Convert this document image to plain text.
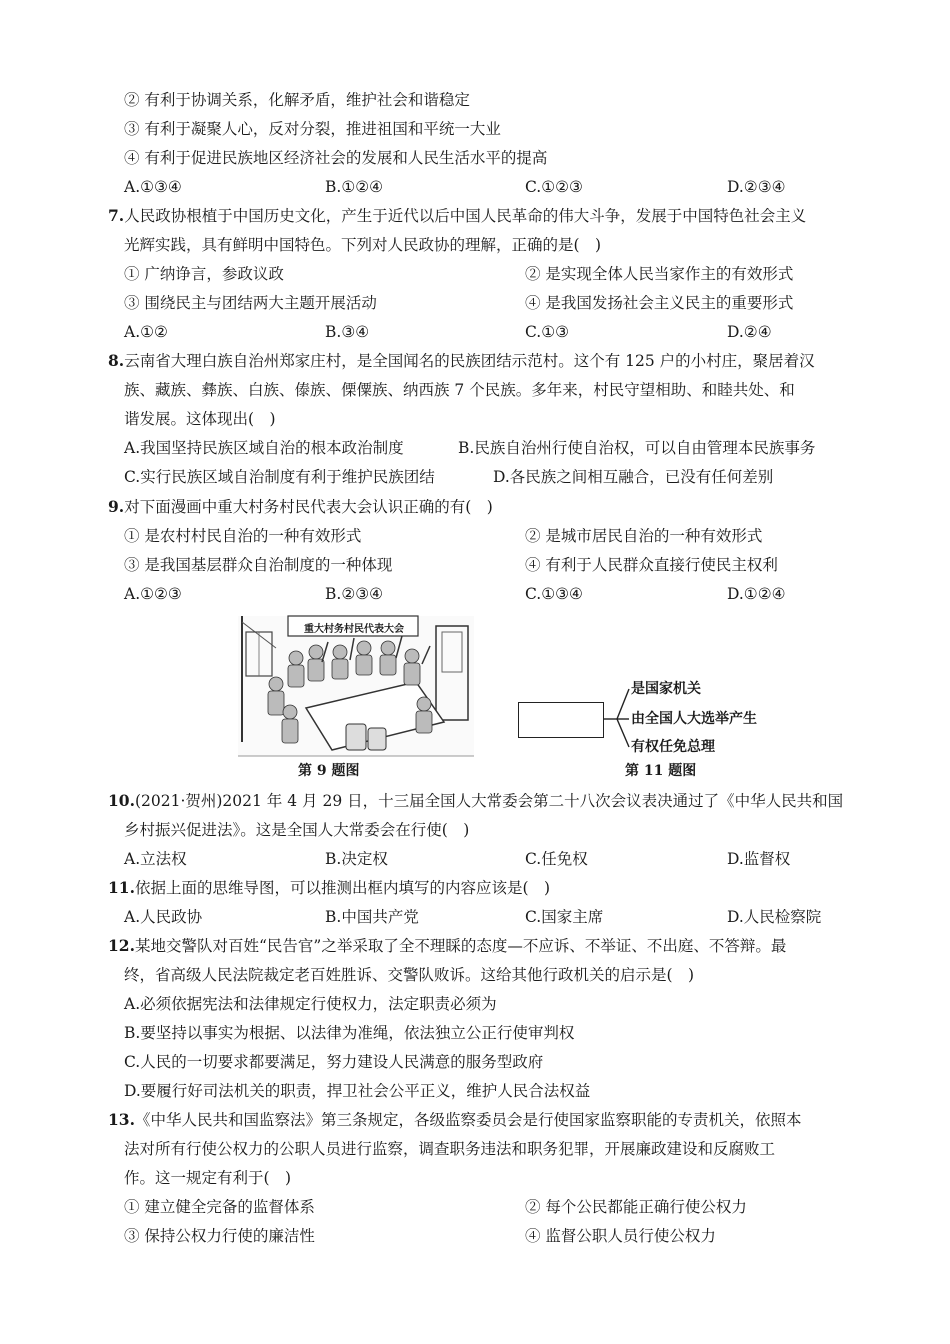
② 有利于协调关系，化解矛盾，维护社会和谐稳定
③ 有利于凝聚人心，反对分裂，推进祖国和平统一大业
④ 有利于促进民族地区经济社会的发展和人民生活水平的提高
A.①③④	B.①②④	C.①②③	D.②③④
7.人民政协根植于中国历史文化，产生于近代以后中国人民革命的伟大斗争，发展于中国特色社会主义
光辉实践，具有鲜明中国特色。下列对人民政协的理解，正确的是(　)
① 广纳诤言，参政议政	② 是实现全体人民当家作主的有效形式
③ 围绕民主与团结两大主题开展活动	④ 是我国发扬社会主义民主的重要形式
A.①②	B.③④	C.①③	D.②④
8.云南省大理白族自治州郑家庄村，是全国闻名的民族团结示范村。这个有 125 户的小村庄，聚居着汉
族、藏族、彝族、白族、傣族、傈僳族、纳西族 7 个民族。多年来，村民守望相助、和睦共处、和
谐发展。这体现出(　)
A.我国坚持民族区域自治的根本政治制度	B.民族自治州行使自治权，可以自由管理本民族事务
C.实行民族区域自治制度有利于维护民族团结	D.各民族之间相互融合，已没有任何差别
9.对下面漫画中重大村务村民代表大会认识正确的有(　)
① 是农村村民自治的一种有效形式	② 是城市居民自治的一种有效形式
③ 是我国基层群众自治制度的一种体现	④ 有利于人民群众直接行使民主权利
A.①②③	B.②③④	C.①③④	D.①②④
重大村务村民代表大会
第 9 题图
是国家机关
由全国人大选举产生
有权任免总理
第 11 题图
10.(2021·贺州)2021 年 4 月 29 日，十三届全国人大常委会第二十八次会议表决通过了《中华人民共和国
乡村振兴促进法》。这是全国人大常委会在行使(　)
A.立法权	B.决定权	C.任免权	D.监督权
11.依据上面的思维导图，可以推测出框内填写的内容应该是(　)
A.人民政协	B.中国共产党	C.国家主席	D.人民检察院
12.某地交警队对百姓“民告官”之举采取了全不理睬的态度—不应诉、不举证、不出庭、不答辩。最
终，省高级人民法院裁定老百姓胜诉、交警队败诉。这给其他行政机关的启示是(　)
A.必须依据宪法和法律规定行使权力，法定职责必须为
B.要坚持以事实为根据、以法律为准绳，依法独立公正行使审判权
C.人民的一切要求都要满足，努力建设人民满意的服务型政府
D.要履行好司法机关的职责，捍卫社会公平正义，维护人民合法权益
13.《中华人民共和国监察法》第三条规定，各级监察委员会是行使国家监察职能的专责机关，依照本
法对所有行使公权力的公职人员进行监察，调查职务违法和职务犯罪，开展廉政建设和反腐败工
作。这一规定有利于(　)
① 建立健全完备的监督体系	② 每个公民都能正确行使公权力
③ 保持公权力行使的廉洁性	④ 监督公职人员行使公权力
